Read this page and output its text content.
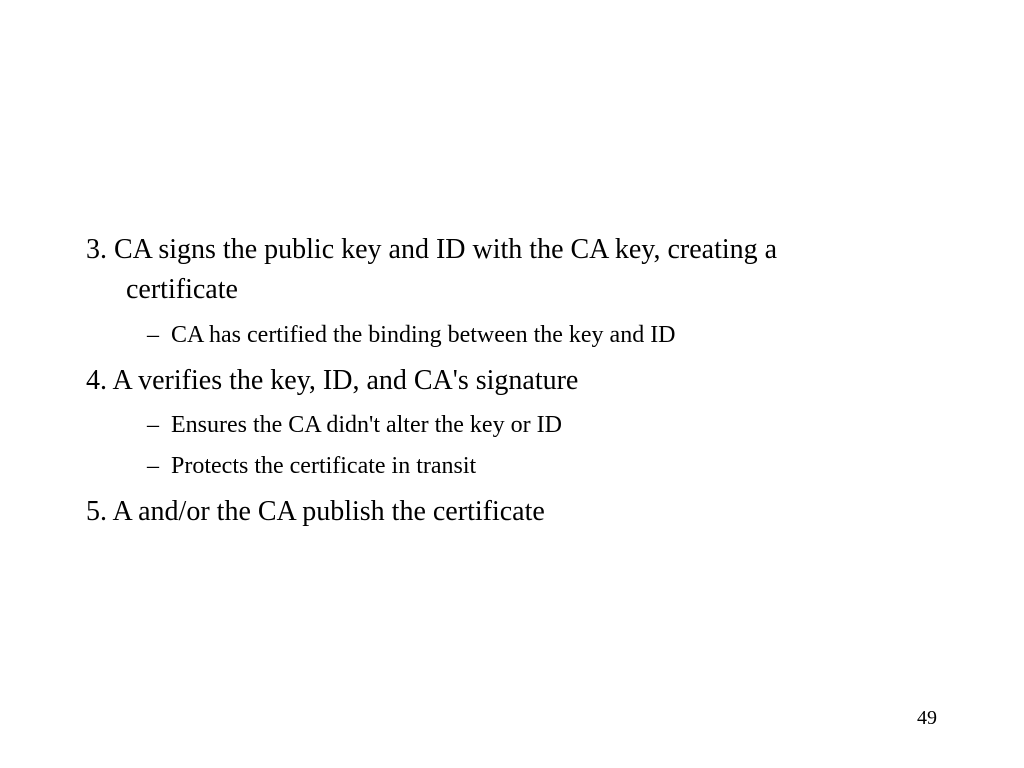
3. CA signs the public key and ID with the CA key, creating a
certificate
– CA has certified the binding between the key and ID
4. A verifies the key, ID, and CA's signature
– Ensures the CA didn't alter the key or ID
– Protects the certificate in transit
5. A and/or the CA publish the certificate
49
